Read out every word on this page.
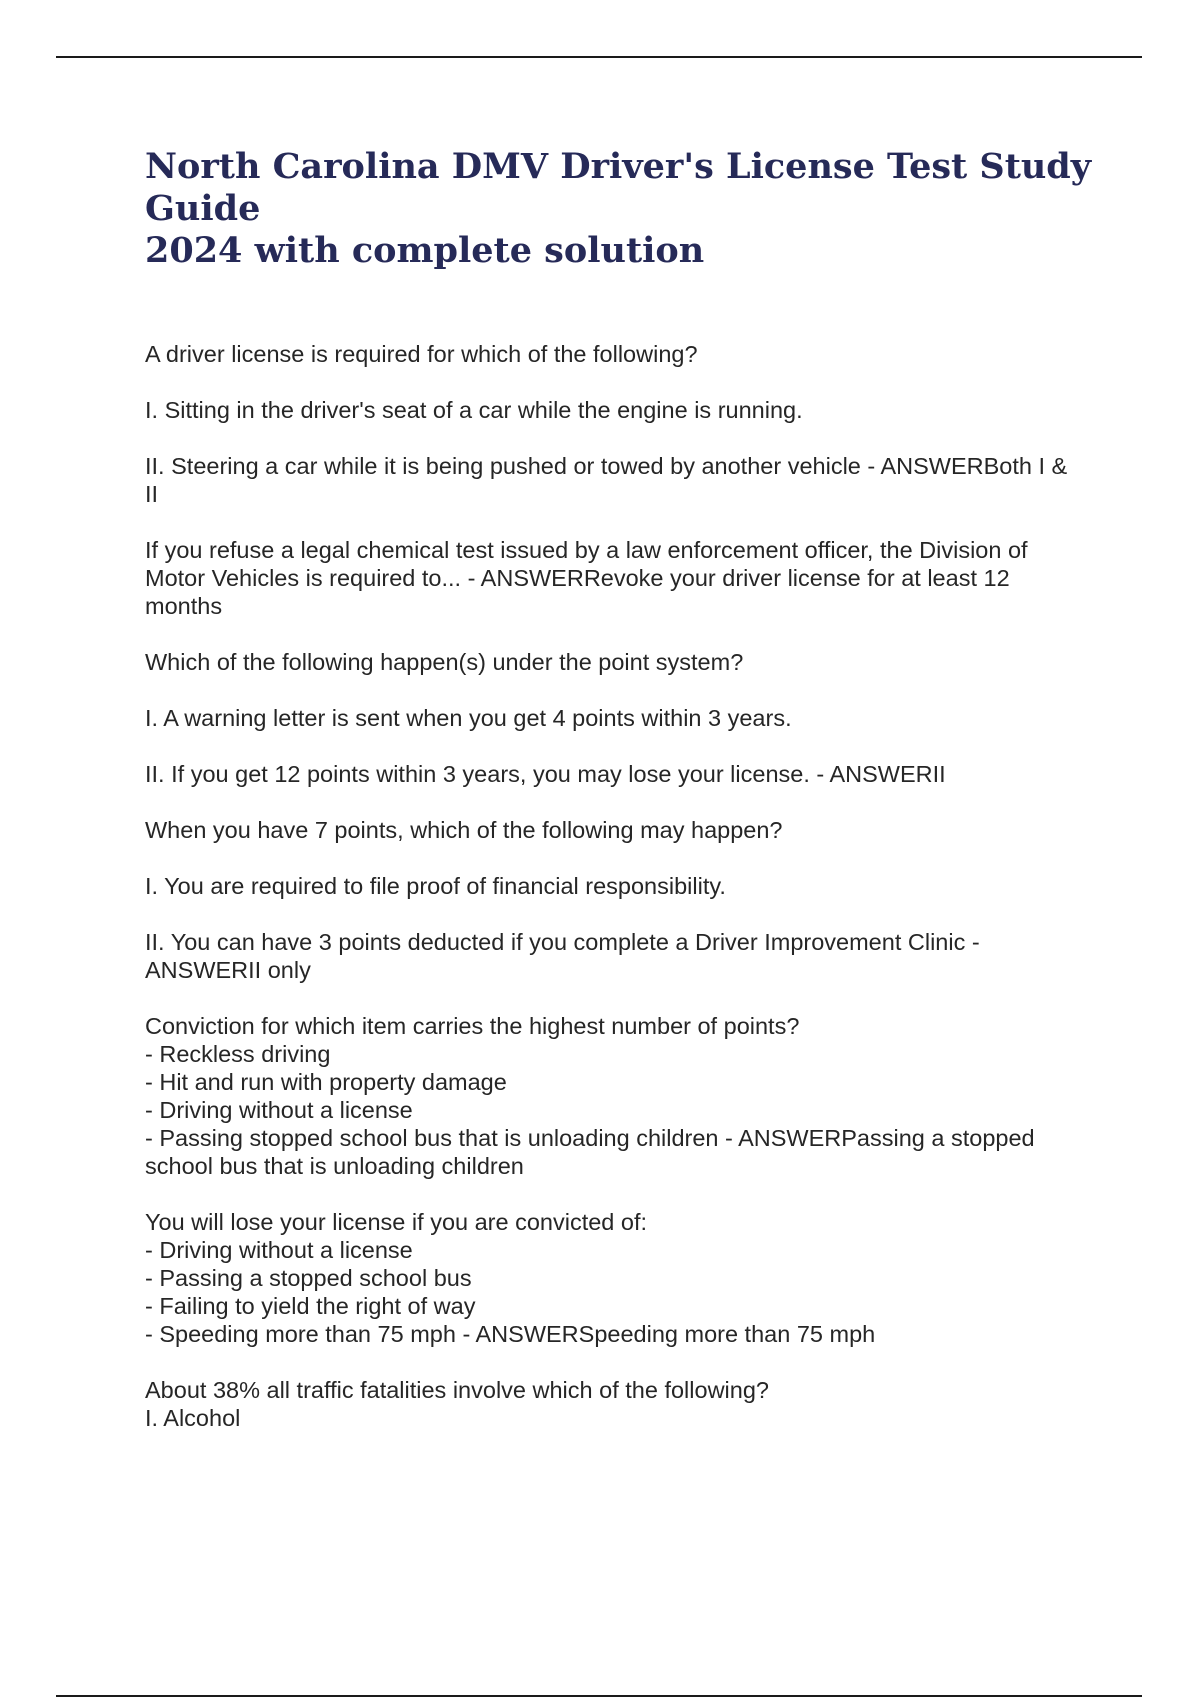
North Carolina DMV Driver's License Test Study Guide
2024 with complete solution

A driver license is required for which of the following?

I. Sitting in the driver's seat of a car while the engine is running.

II. Steering a car while it is being pushed or towed by another vehicle - ANSWERBoth I & II

If you refuse a legal chemical test issued by a law enforcement officer, the Division of Motor Vehicles is required to... - ANSWERRevoke your driver license for at least 12 months

Which of the following happen(s) under the point system?

I. A warning letter is sent when you get 4 points within 3 years.

II. If you get 12 points within 3 years, you may lose your license. - ANSWERII

When you have 7 points, which of the following may happen?

I. You are required to file proof of financial responsibility.

II. You can have 3 points deducted if you complete a Driver Improvement Clinic - ANSWERII only

Conviction for which item carries the highest number of points?
- Reckless driving
- Hit and run with property damage
- Driving without a license
- Passing stopped school bus that is unloading children - ANSWERPassing a stopped school bus that is unloading children
You will lose your license if you are convicted of:
- Driving without a license
- Passing a stopped school bus
- Failing to yield the right of way
- Speeding more than 75 mph - ANSWERSpeeding more than 75 mph
About 38% all traffic fatalities involve which of the following?
I. Alcohol
